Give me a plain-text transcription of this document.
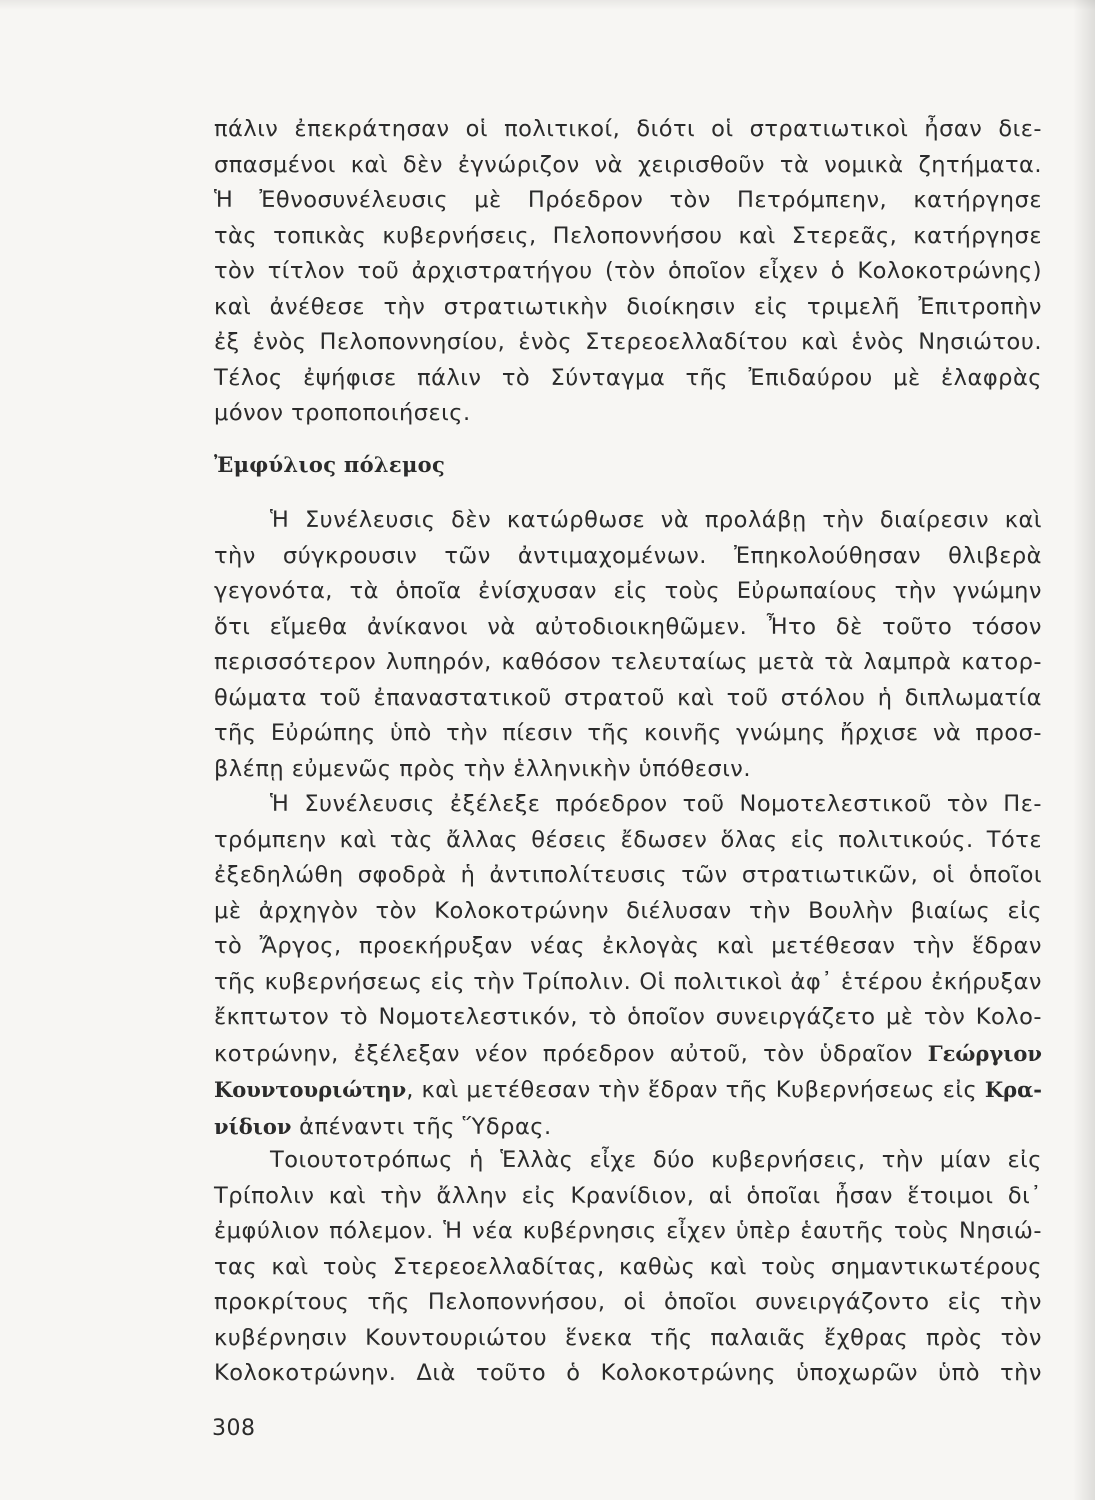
πάλιν ἐπεκράτησαν οἱ πολιτικοί, διότι οἱ στρατιωτικοὶ ἦσαν διε-
σπασμένοι καὶ δὲν ἐγνώριζον νὰ χειρισθοῦν τὰ νομικὰ ζητήματα.
Ἡ Ἐθνοσυνέλευσις μὲ Πρόεδρον τὸν Πετρόμπεην, κατήργησε
τὰς τοπικὰς κυβερνήσεις, Πελοποννήσου καὶ Στερεᾶς, κατήργησε
τὸν τίτλον τοῦ ἀρχιστρατήγου (τὸν ὁποῖον εἶχεν ὁ Κολοκοτρώνης)
καὶ ἀνέθεσε τὴν στρατιωτικὴν διοίκησιν εἰς τριμελῆ Ἐπιτροπὴν
ἐξ ἑνὸς Πελοποννησίου, ἑνὸς Στερεοελλαδίτου καὶ ἑνὸς Νησιώτου.
Τέλος ἐψήφισε πάλιν τὸ Σύνταγμα τῆς Ἐπιδαύρου μὲ ἐλαφρὰς
μόνον τροποποιήσεις.
Ἐμφύλιος πόλεμος
Ἡ Συνέλευσις δὲν κατώρθωσε νὰ προλάβῃ τὴν διαίρεσιν καὶ
τὴν σύγκρουσιν τῶν ἀντιμαχομένων. Ἐπηκολούθησαν θλιβερὰ
γεγονότα, τὰ ὁποῖα ἐνίσχυσαν εἰς τοὺς Εὐρωπαίους τὴν γνώμην
ὅτι εἴμεθα ἀνίκανοι νὰ αὐτοδιοικηθῶμεν. Ἦτο δὲ τοῦτο τόσον
περισσότερον λυπηρόν, καθόσον τελευταίως μετὰ τὰ λαμπρὰ κατορ-
θώματα τοῦ ἐπαναστατικοῦ στρατοῦ καὶ τοῦ στόλου ἡ διπλωματία
τῆς Εὐρώπης ὑπὸ τὴν πίεσιν τῆς κοινῆς γνώμης ἤρχισε νὰ προσ-
βλέπῃ εὐμενῶς πρὸς τὴν ἑλληνικὴν ὑπόθεσιν.
Ἡ Συνέλευσις ἐξέλεξε πρόεδρον τοῦ Νομοτελεστικοῦ τὸν Πε-
τρόμπεην καὶ τὰς ἄλλας θέσεις ἔδωσεν ὅλας εἰς πολιτικούς. Τότε
ἐξεδηλώθη σφοδρὰ ἡ ἀντιπολίτευσις τῶν στρατιωτικῶν, οἱ ὁποῖοι
μὲ ἀρχηγὸν τὸν Κολοκοτρώνην διέλυσαν τὴν Βουλὴν βιαίως εἰς
τὸ Ἄργος, προεκήρυξαν νέας ἐκλογὰς καὶ μετέθεσαν τὴν ἕδραν
τῆς κυβερνήσεως εἰς τὴν Τρίπολιν. Οἱ πολιτικοὶ ἀφ᾽ ἑτέρου ἐκήρυξαν
ἔκπτωτον τὸ Νομοτελεστικόν, τὸ ὁποῖον συνειργάζετο μὲ τὸν Κολο-
κοτρώνην, ἐξέλεξαν νέον πρόεδρον αὐτοῦ, τὸν ὑδραῖον Γεώργιον
Κουντουριώτην, καὶ μετέθεσαν τὴν ἕδραν τῆς Κυβερνήσεως εἰς Κρα-
νίδιον ἀπέναντι τῆς Ὕδρας.
Τοιουτοτρόπως ἡ Ἑλλὰς εἶχε δύο κυβερνήσεις, τὴν μίαν εἰς
Τρίπολιν καὶ τὴν ἄλλην εἰς Κρανίδιον, αἱ ὁποῖαι ἦσαν ἕτοιμοι δι᾽
ἐμφύλιον πόλεμον. Ἡ νέα κυβέρνησις εἶχεν ὑπὲρ ἑαυτῆς τοὺς Νησιώ-
τας καὶ τοὺς Στερεοελλαδίτας, καθὼς καὶ τοὺς σημαντικωτέρους
προκρίτους τῆς Πελοποννήσου, οἱ ὁποῖοι συνειργάζοντο εἰς τὴν
κυβέρνησιν Κουντουριώτου ἕνεκα τῆς παλαιᾶς ἔχθρας πρὸς τὸν
Κολοκοτρώνην. Διὰ τοῦτο ὁ Κολοκοτρώνης ὑποχωρῶν ὑπὸ τὴν
308
